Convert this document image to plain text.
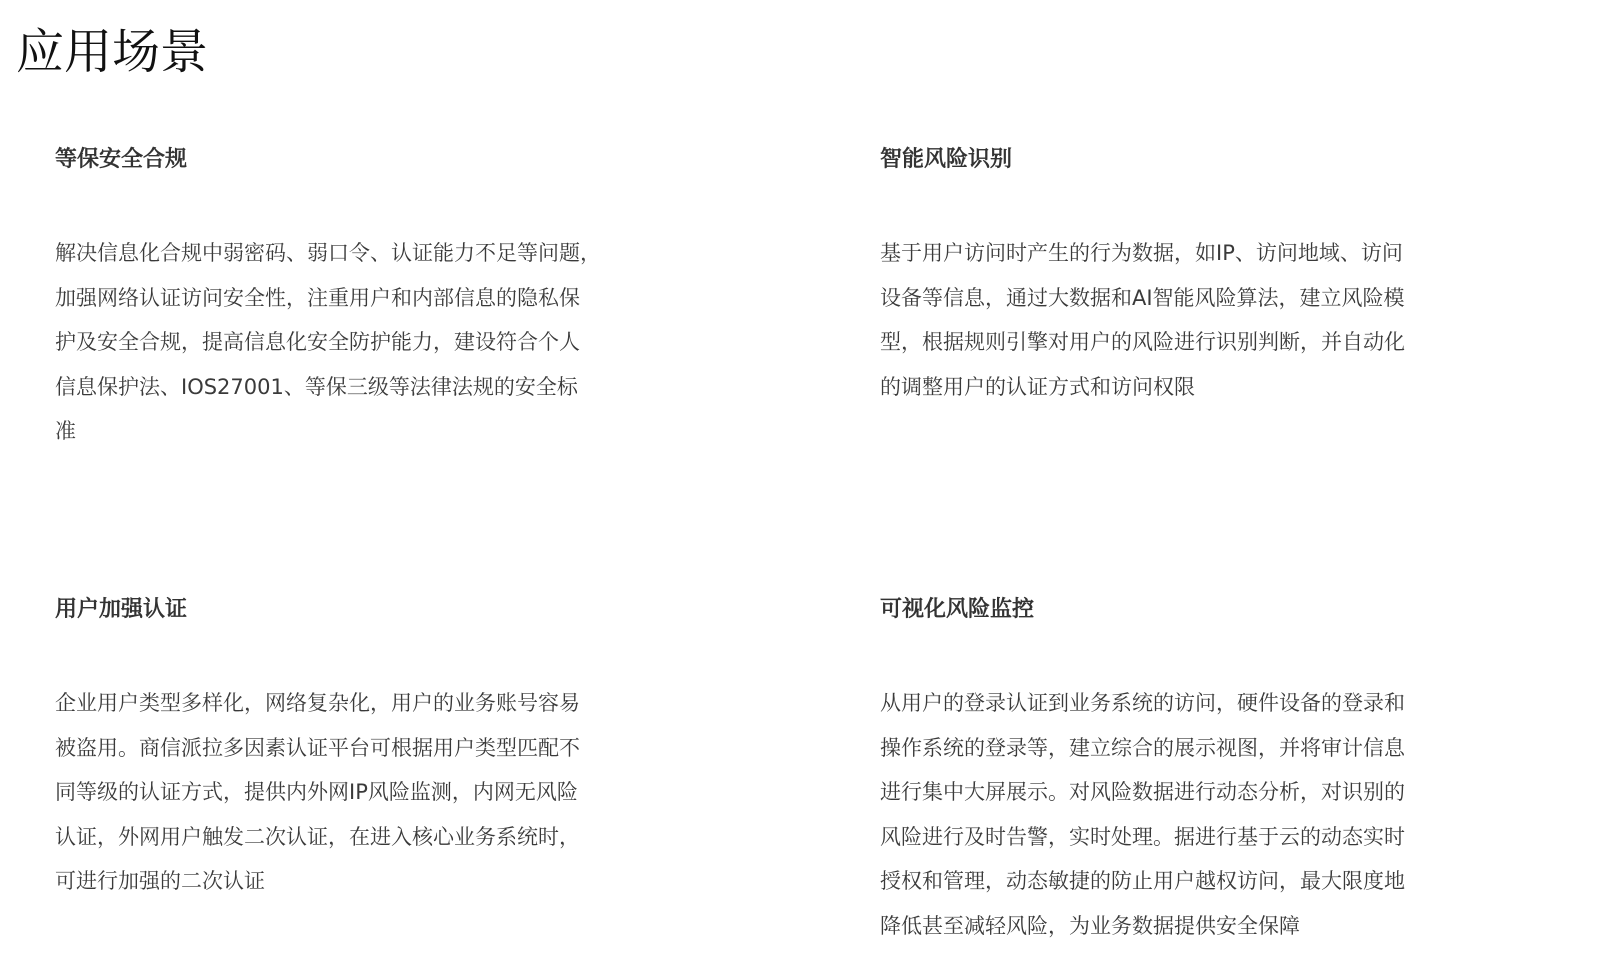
应用场景
等保安全合规

解决信息化合规中弱密码、弱口令、认证能力不足等问题，
加强网络认证访问安全性，注重用户和内部信息的隐私保
护及安全合规，提高信息化安全防护能力，建设符合个人
信息保护法、IOS27001、等保三级等法律法规的安全标
准

智能风险识别

基于用户访问时产生的行为数据，如IP、访问地域、访问
设备等信息，通过大数据和AI智能风险算法，建立风险模
型，根据规则引擎对用户的风险进行识别判断，并自动化
的调整用户的认证方式和访问权限

用户加强认证

企业用户类型多样化，网络复杂化，用户的业务账号容易
被盗用。商信派拉多因素认证平台可根据用户类型匹配不
同等级的认证方式，提供内外网IP风险监测，内网无风险
认证，外网用户触发二次认证，在进入核心业务系统时，
可进行加强的二次认证

可视化风险监控

从用户的登录认证到业务系统的访问，硬件设备的登录和
操作系统的登录等，建立综合的展示视图，并将审计信息
进行集中大屏展示。对风险数据进行动态分析，对识别的
风险进行及时告警，实时处理。据进行基于云的动态实时
授权和管理，动态敏捷的防止用户越权访问，最大限度地
降低甚至减轻风险，为业务数据提供安全保障
